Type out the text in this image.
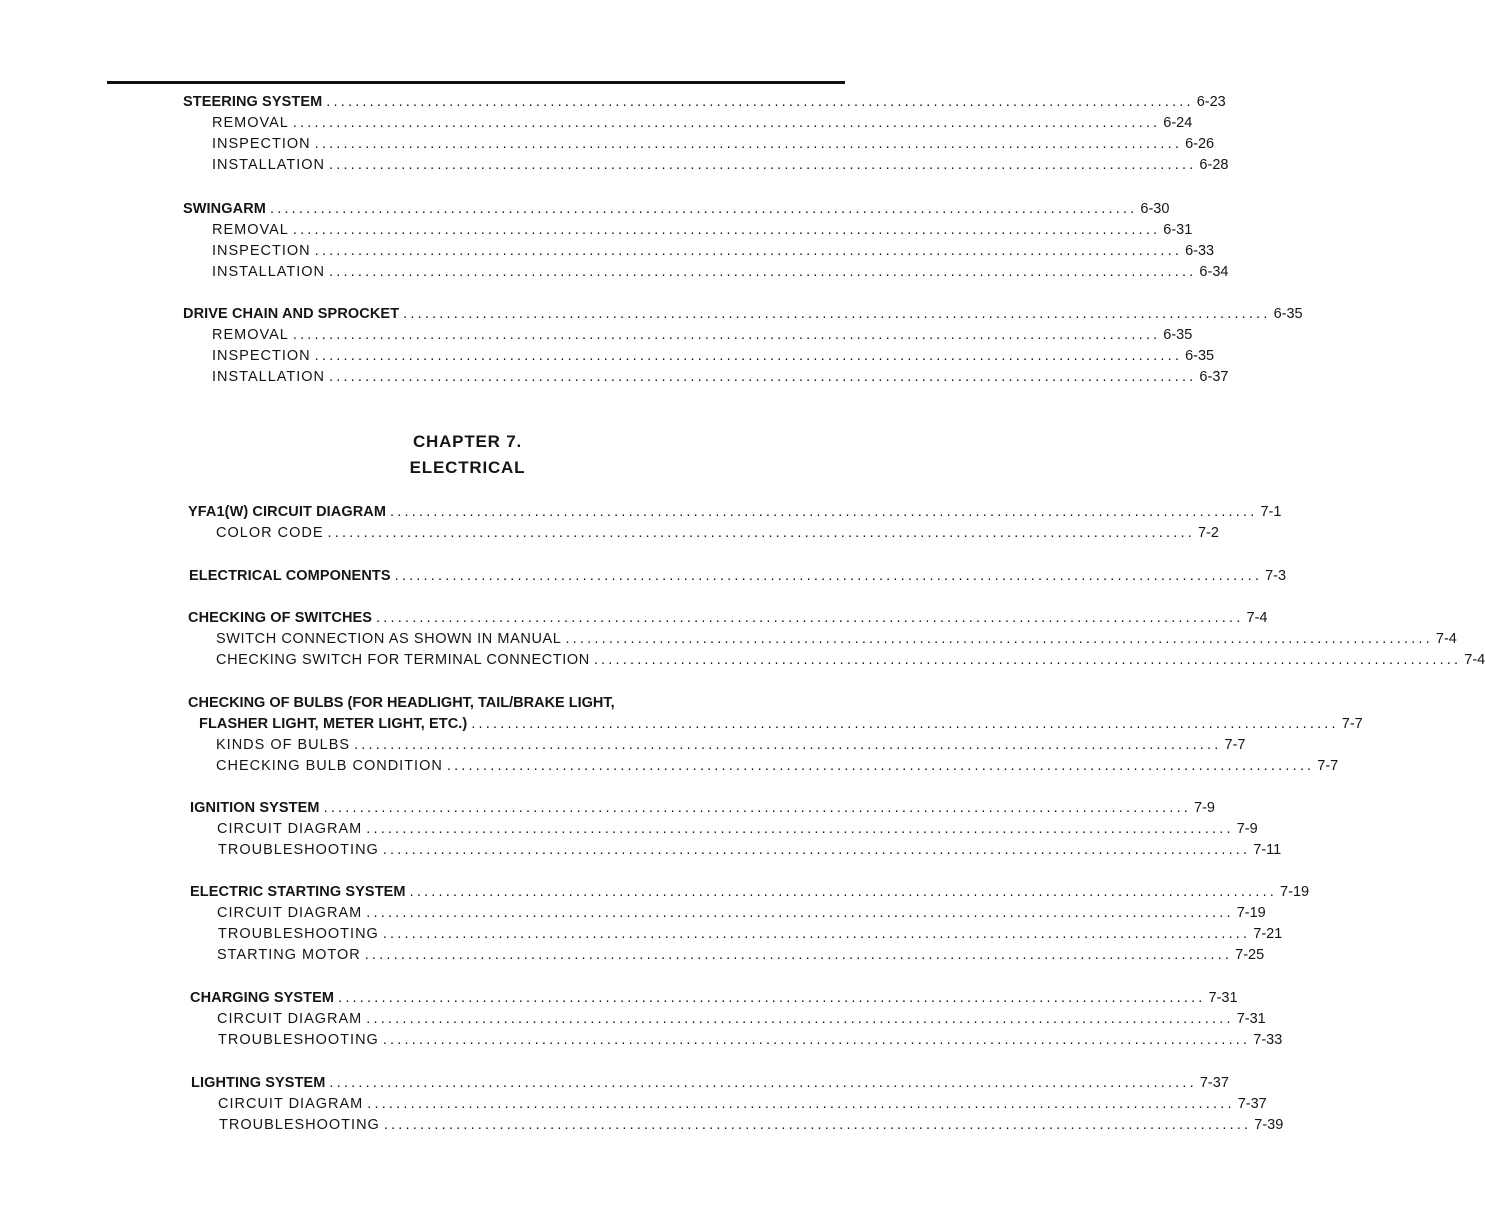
STEERING SYSTEM ........................................................................................................................ 6-23
REMOVAL ........................................................................................................................ 6-24
INSPECTION ........................................................................................................................ 6-26
INSTALLATION ........................................................................................................................ 6-28
SWINGARM ........................................................................................................................ 6-30
REMOVAL ........................................................................................................................ 6-31
INSPECTION ........................................................................................................................ 6-33
INSTALLATION ........................................................................................................................ 6-34
DRIVE CHAIN AND SPROCKET ........................................................................................................................ 6-35
REMOVAL ........................................................................................................................ 6-35
INSPECTION ........................................................................................................................ 6-35
INSTALLATION ........................................................................................................................ 6-37
CHAPTER 7.
ELECTRICAL
YFA1(W) CIRCUIT DIAGRAM ........................................................................................................................ 7-1
COLOR CODE ........................................................................................................................ 7-2
ELECTRICAL COMPONENTS ........................................................................................................................ 7-3
CHECKING OF SWITCHES ........................................................................................................................ 7-4
SWITCH CONNECTION AS SHOWN IN MANUAL ........................................................................................................................ 7-4
CHECKING SWITCH FOR TERMINAL CONNECTION ........................................................................................................................ 7-4
CHECKING OF BULBS (FOR HEADLIGHT, TAIL/BRAKE LIGHT,
FLASHER LIGHT, METER LIGHT, ETC.) ........................................................................................................................ 7-7
KINDS OF BULBS ........................................................................................................................ 7-7
CHECKING BULB CONDITION ........................................................................................................................ 7-7
IGNITION SYSTEM ........................................................................................................................ 7-9
CIRCUIT DIAGRAM ........................................................................................................................ 7-9
TROUBLESHOOTING ........................................................................................................................ 7-11
ELECTRIC STARTING SYSTEM ........................................................................................................................ 7-19
CIRCUIT DIAGRAM ........................................................................................................................ 7-19
TROUBLESHOOTING ........................................................................................................................ 7-21
STARTING MOTOR ........................................................................................................................ 7-25
CHARGING SYSTEM ........................................................................................................................ 7-31
CIRCUIT DIAGRAM ........................................................................................................................ 7-31
TROUBLESHOOTING ........................................................................................................................ 7-33
LIGHTING SYSTEM ........................................................................................................................ 7-37
CIRCUIT DIAGRAM ........................................................................................................................ 7-37
TROUBLESHOOTING ........................................................................................................................ 7-39
